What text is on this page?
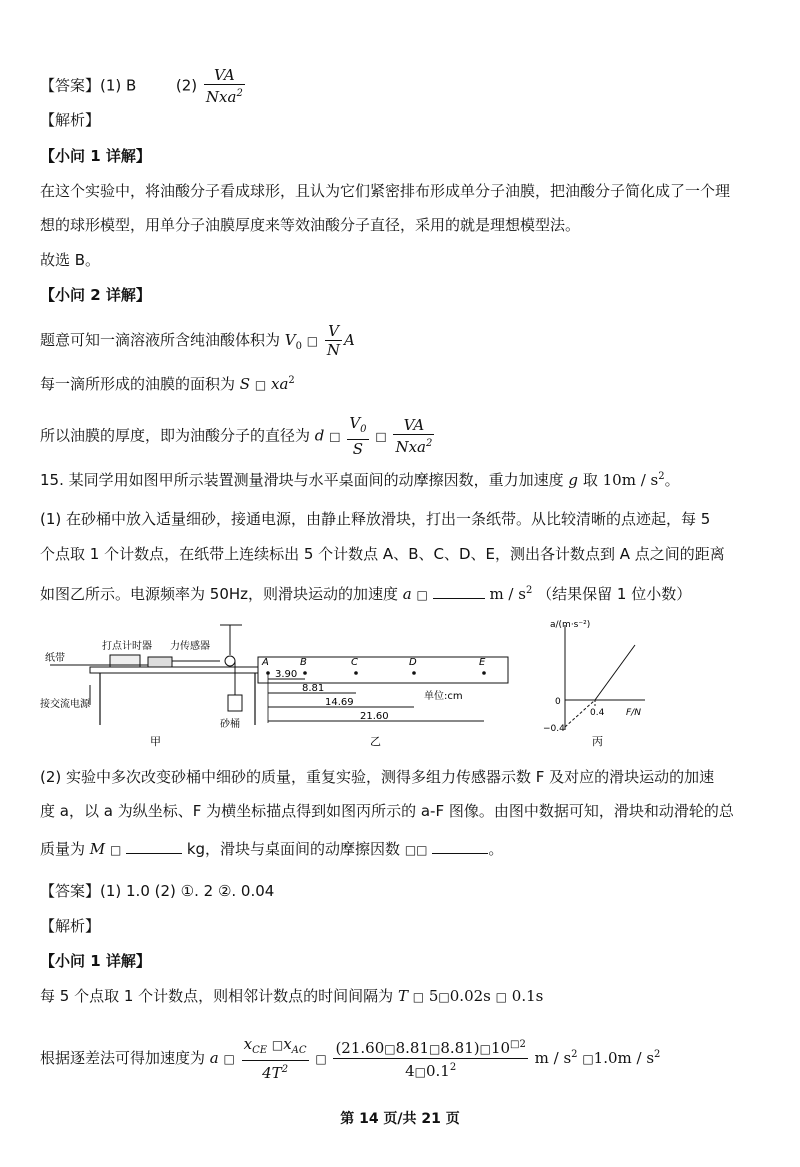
【答案】(1) B	$(2) \frac{VA}{Nxa^2}$
【解析】
【小问 1 详解】
在这个实验中，将油酸分子看成球形，且认为它们紧密排布形成单分子油膜，把油酸分子简化成了一个理
想的球形模型，用单分子油膜厚度来等效油酸分子直径，采用的就是理想模型法。
故选 B。
【小问 2 详解】
题意可知一滴溶液所含纯油酸体积为 $V_0$ □ $\frac{V}{N}$ A
每一滴所形成的油膜的面积为 S □ $xa^2$
所以油膜的厚度，即为油酸分子的直径为 d □ $\frac{V_0}{S}$ □ $\frac{VA}{Nxa^2}$
15. 某同学用如图甲所示装置测量滑块与水平桌面间的动摩擦因数，重力加速度 g 取 $10m / s^2$。
(1) 在砂桶中放入适量细砂，接通电源，由静止释放滑块，打出一条纸带。从比较清晰的点迹起，每 5
个点取 1 个计数点，在纸带上连续标出 5 个计数点 A、B、C、D、E，测出各计数点到 A 点之间的距离
如图乙所示。电源频率为 50Hz，则滑块运动的加速度 a □	m / $s^2$ （结果保留 1 位小数）
纸带
打点计时器 力传感器
接交流电源
砂桶
甲
A	B	C	D	E
3.90
8.81
14.69
21.60
单位:cm
乙
a/(m·s⁻²)
F/N
0
0.4
−0.4
丙
(2) 实验中多次改变砂桶中细砂的质量，重复实验，测得多组力传感器示数 F 及对应的滑块运动的加速
度 a，以 a 为纵坐标、F 为横坐标描点得到如图丙所示的 a-F 图像。由图中数据可知，滑块和动滑轮的总
质量为 M □	kg，滑块与桌面间的动摩擦因数 □□	。
【答案】(1) 1.0 (2) ①. 2 ②. 0.04
【解析】
【小问 1 详解】
每 5 个点取 1 个计数点，则相邻计数点的时间间隔为 T □ 5□0.02s □ 0.1s
根据逐差法可得加速度为 a □ $\frac{x_{CE} □x_{AC}}{4T^2}$ □ $\frac{(21.60□8.81□8.81)□10^{□2}}{4□0.1^2}$ m / $s^2$ □1.0m / $s^2$
第 14 页/共 21 页
